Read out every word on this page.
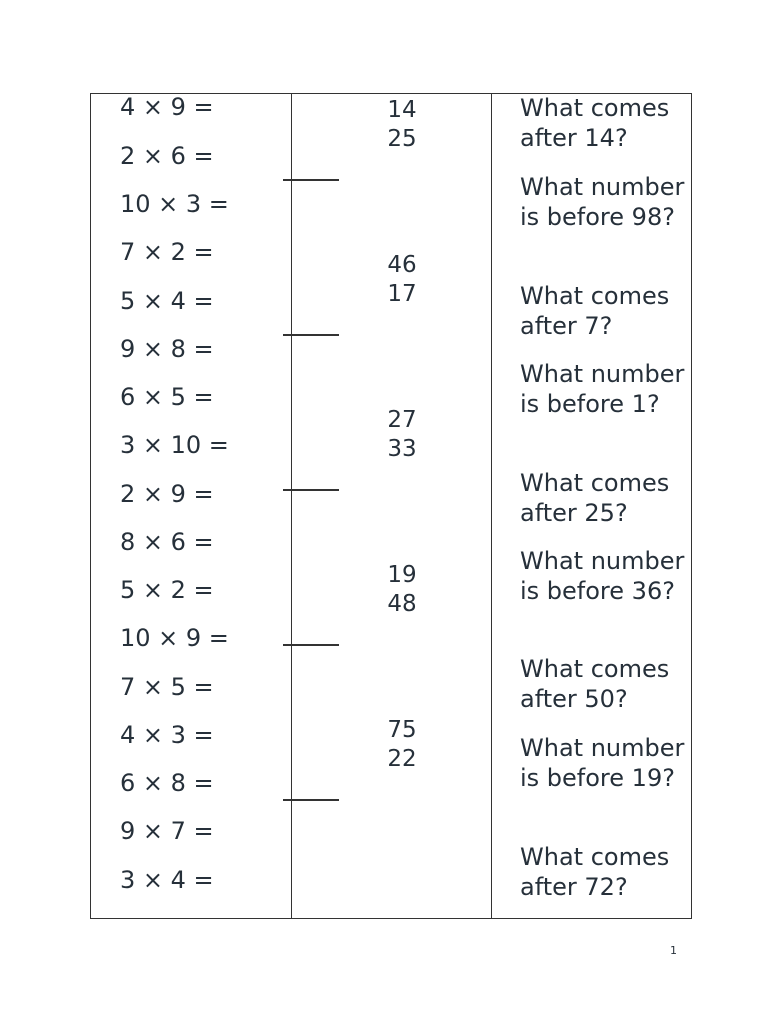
4 × 9 =
2 × 6 =
10 × 3 =
7 × 2 =
5 × 4 =
9 × 8 =
6 × 5 =
3 × 10 =
2 × 9 =
8 × 6 =
5 × 2 =
10 × 9 =
7 × 5 =
4 × 3 =
6 × 8 =
9 × 7 =
3 × 4 =
14
25
46
17
27
33
19
48
75
22
What comes after 14?
What number is before 98?
What comes after 7?
What number is before 1?
What comes after 25?
What number is before 36?
What comes after 50?
What number is before 19?
What comes after 72?
1
